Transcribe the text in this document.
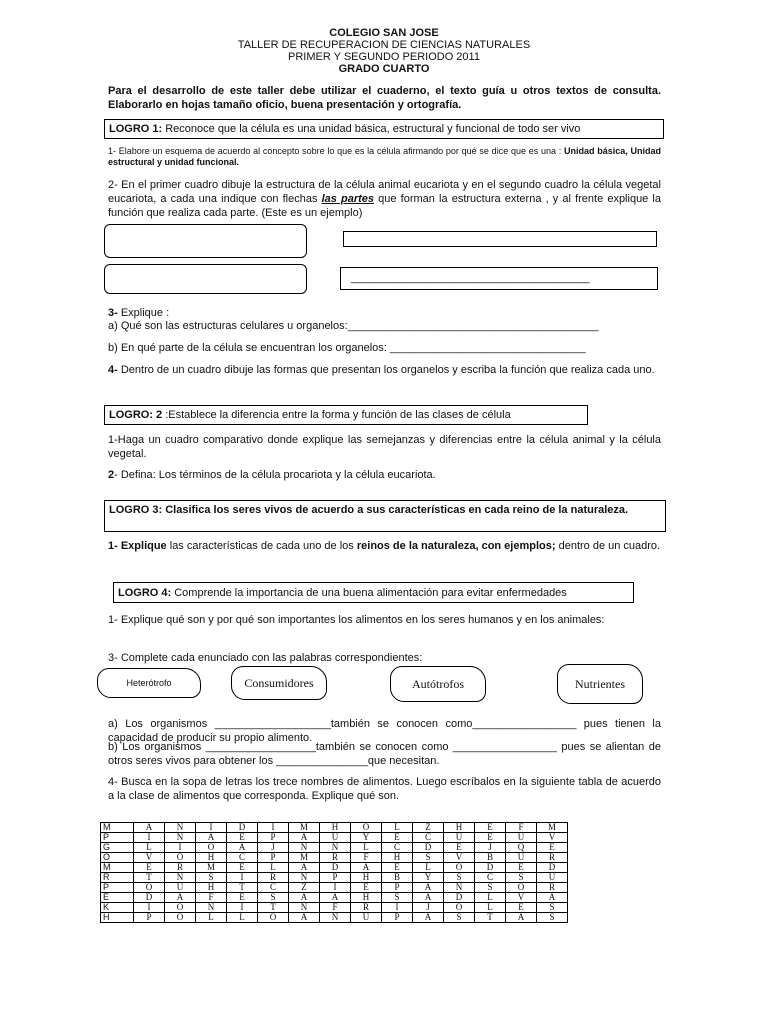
COLEGIO SAN JOSE
TALLER DE RECUPERACION DE CIENCIAS NATURALES
PRIMER Y SEGUNDO PERIODO 2011
GRADO CUARTO
Para el desarrollo de este taller debe utilizar el cuaderno, el texto guía u otros textos de consulta. Elaborarlo en hojas tamaño oficio, buena presentación y ortografía.
LOGRO 1: Reconoce que la célula es una unidad básica, estructural y funcional de todo ser vivo
1- Elabore un esquema de acuerdo al concepto sobre lo que es la célula afirmando por qué se dice que es una : Unidad básica, Unidad estructural y unidad funcional.
2- En el primer cuadro dibuje la estructura de la célula animal eucariota y en el segundo cuadro la célula vegetal eucariota, a cada una indique con flechas las partes que forman la estructura externa , y al frente explique la función que realiza cada parte. (Este es un ejemplo)
_______________________________________
3- Explique :
a) Qué son las estructuras celulares u organelos:_________________________________________
b) En qué parte de la célula se encuentran los organelos: ________________________________
4- Dentro de un cuadro dibuje las formas que presentan los organelos y escriba la función que realiza cada uno.
LOGRO: 2 :Establece la diferencia entre la forma y función de las clases de célula
1-Haga un cuadro comparativo donde explique las semejanzas y diferencias entre la célula animal y la célula vegetal.
2- Defina: Los términos de la célula procariota y la célula eucariota.
LOGRO 3: Clasifica los seres vivos de acuerdo a sus características en cada reino de la naturaleza.
1- Explique las características de cada uno de los reinos de la naturaleza, con ejemplos; dentro de un cuadro.
LOGRO 4: Comprende la importancia de una buena alimentación para evitar enfermedades
1- Explique qué son y por qué son importantes los alimentos en los seres humanos y en los animales:
3- Complete cada enunciado con las palabras correspondientes:
Heterótrofo	Consumidores	Autótrofos	Nutrientes
a) Los organismos ___________________también se conocen como_________________ pues tienen la capacidad de producir su propio alimento.
b) Los organismos __________________también se conocen como _________________ pues se alientan de otros seres vivos para obtener los _______________que necesitan.
4- Busca en la sopa de letras los trece nombres de alimentos. Luego escríbalos en la siguiente tabla de acuerdo a la clase de alimentos que corresponda. Explique qué son.
M	A	N	I	D	I	M	H	O	L	Z	H	E	F	M
P	I	N	A	E	P	A	U	Y	E	C	U	E	U	V
G	L	I	O	A	J	N	N	L	C	D	E	J	Q	E
O	V	O	H	C	P	M	R	F	H	S	V	B	U	R
M	E	R	M	E	L	A	D	A	E	L	O	D	E	D
R	T	N	S	I	R	N	P	H	B	Y	S	C	S	U
P	O	U	H	T	C	Z	I	E	P	A	N	S	O	R
E	D	A	F	E	S	A	A	H	S	A	D	L	V	A
K	I	O	N	I	T	N	F	R	I	J	O	L	E	S
H	P	O	L	L	O	A	N	U	P	A	S	T	A	S
